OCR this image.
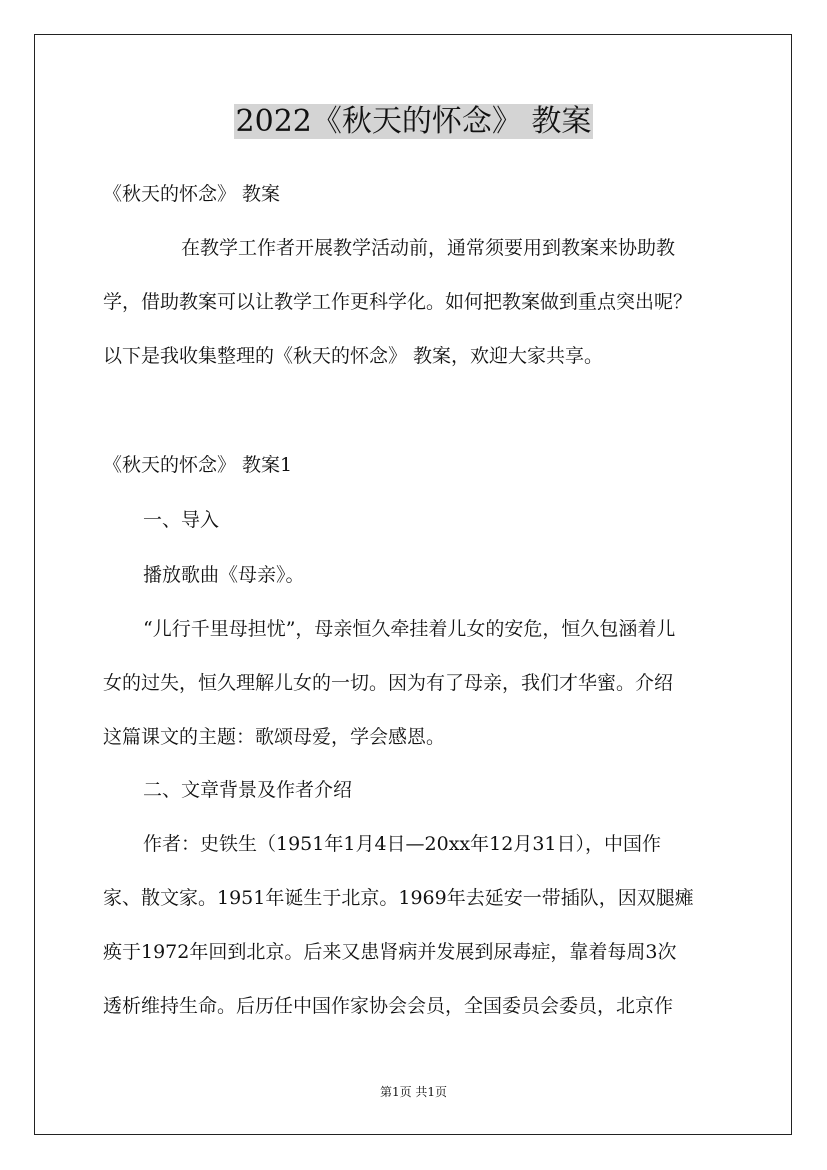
2022《秋天的怀念》 教案
《秋天的怀念》 教案
在教学工作者开展教学活动前，通常须要用到教案来协助教
学，借助教案可以让教学工作更科学化。如何把教案做到重点突出呢？
以下是我收集整理的《秋天的怀念》 教案，欢迎大家共享。
《秋天的怀念》 教案1
一、导入
播放歌曲《母亲》。
“儿行千里母担忧”，母亲恒久牵挂着儿女的安危，恒久包涵着儿
女的过失，恒久理解儿女的一切。因为有了母亲，我们才华蜜。介绍
这篇课文的主题：歌颂母爱，学会感恩。
二、文章背景及作者介绍
作者：史铁生（1951年1月4日—20xx年12月31日），中国作
家、散文家。1951年诞生于北京。1969年去延安一带插队，因双腿瘫
痪于1972年回到北京。后来又患肾病并发展到尿毒症，靠着每周3次
透析维持生命。后历任中国作家协会会员，全国委员会委员，北京作
第1页 共1页
